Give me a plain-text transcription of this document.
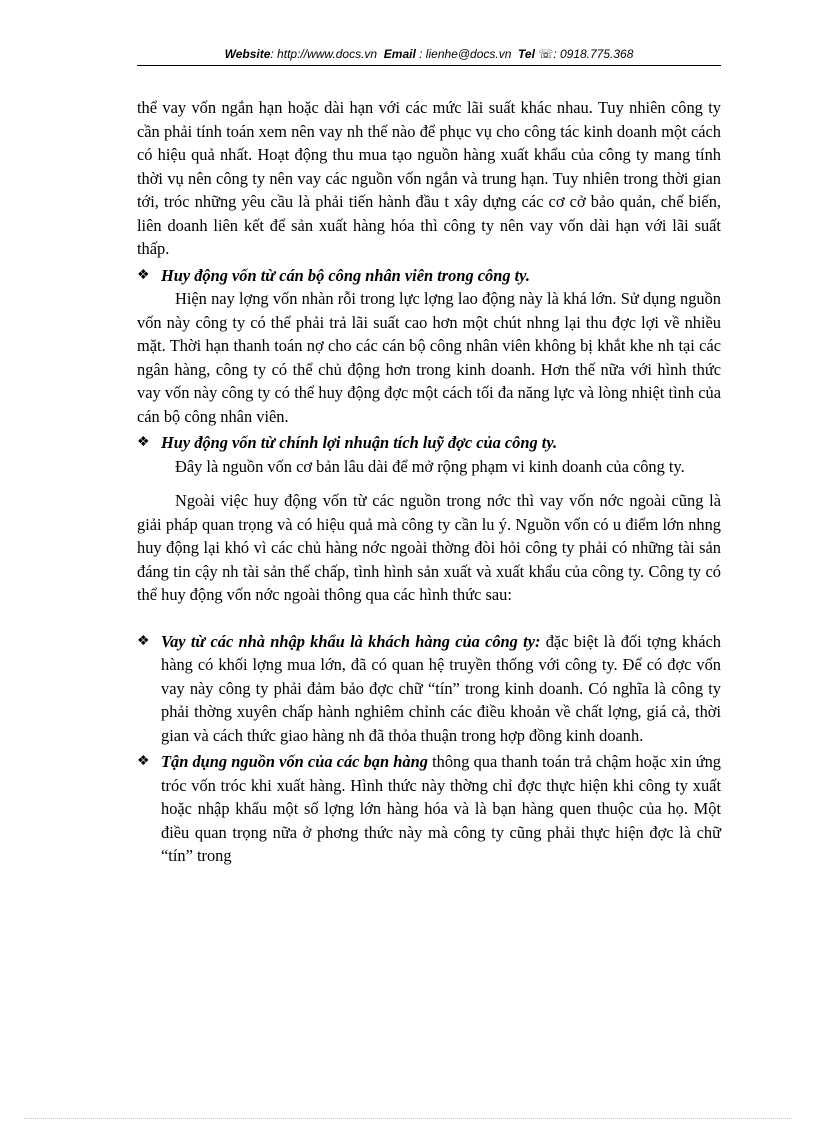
Website: http://www.docs.vn Email : lienhe@docs.vn Tel ☏: 0918.775.368

thể vay vốn ngắn hạn hoặc dài hạn với các mức lãi suất khác nhau. Tuy nhiên công ty cần phải tính toán xem nên vay nh thế nào để phục vụ cho công tác kinh doanh một cách có hiệu quả nhất. Hoạt động thu mua tạo nguồn hàng xuất khẩu của công ty mang tính thời vụ nên công ty nên vay các nguồn vốn ngắn và trung hạn. Tuy nhiên trong thời gian tới, tróc những yêu cầu là phải tiến hành đầu t xây dựng các cơ cở bảo quản, chế biến, liên doanh liên kết để sản xuất hàng hóa thì công ty nên vay vốn dài hạn với lãi suất thấp.

❖ Huy động vốn từ cán bộ công nhân viên trong công ty.

Hiện nay lợng vốn nhàn rỗi trong lực lợng lao động này là khá lớn. Sử dụng nguồn vốn này công ty có thể phải trả lãi suất cao hơn một chút nhng lại thu đợc lợi về nhiều mặt. Thời hạn thanh toán nợ cho các cán bộ công nhân viên không bị khắt khe nh tại các ngân hàng, công ty có thể chủ động hơn trong kinh doanh. Hơn thế nữa với hình thức vay vốn này công ty có thể huy động đợc một cách tối đa năng lực và lòng nhiệt tình của cán bộ công nhân viên.

❖ Huy động vốn từ chính lợi nhuận tích luỹ đợc của công ty.

Đây là nguồn vốn cơ bản lâu dài để mở rộng phạm vi kinh doanh của công ty.

Ngoài việc huy động vốn từ các nguồn trong nớc thì vay vốn nớc ngoài cũng là giải pháp quan trọng và có hiệu quả mà công ty cần lu ý. Nguồn vốn có u điểm lớn nhng huy động lại khó vì các chủ hàng nớc ngoài thờng đòi hỏi công ty phải có những tài sản đáng tin cậy nh tài sản thế chấp, tình hình sản xuất và xuất khẩu của công ty. Công ty có thể huy động vốn nớc ngoài thông qua các hình thức sau:

❖ Vay từ các nhà nhập khẩu là khách hàng của công ty: đặc biệt là đối tợng khách hàng có khối lợng mua lớn, đã có quan hệ truyền thống với công ty. Để có đợc vốn vay này công ty phải đảm bảo đợc chữ “tín” trong kinh doanh. Có nghĩa là công ty phải thờng xuyên chấp hành nghiêm chỉnh các điều khoản về chất lợng, giá cả, thời gian và cách thức giao hàng nh đã thỏa thuận trong hợp đồng kinh doanh.

❖ Tận dụng nguồn vốn của các bạn hàng thông qua thanh toán trả chậm hoặc xin ứng tróc vốn tróc khi xuất hàng. Hình thức này thờng chỉ đợc thực hiện khi công ty xuất hoặc nhập khẩu một số lợng lớn hàng hóa và là bạn hàng quen thuộc của họ. Một điều quan trọng nữa ở phơng thức này mà công ty cũng phải thực hiện đợc là chữ “tín” trong
